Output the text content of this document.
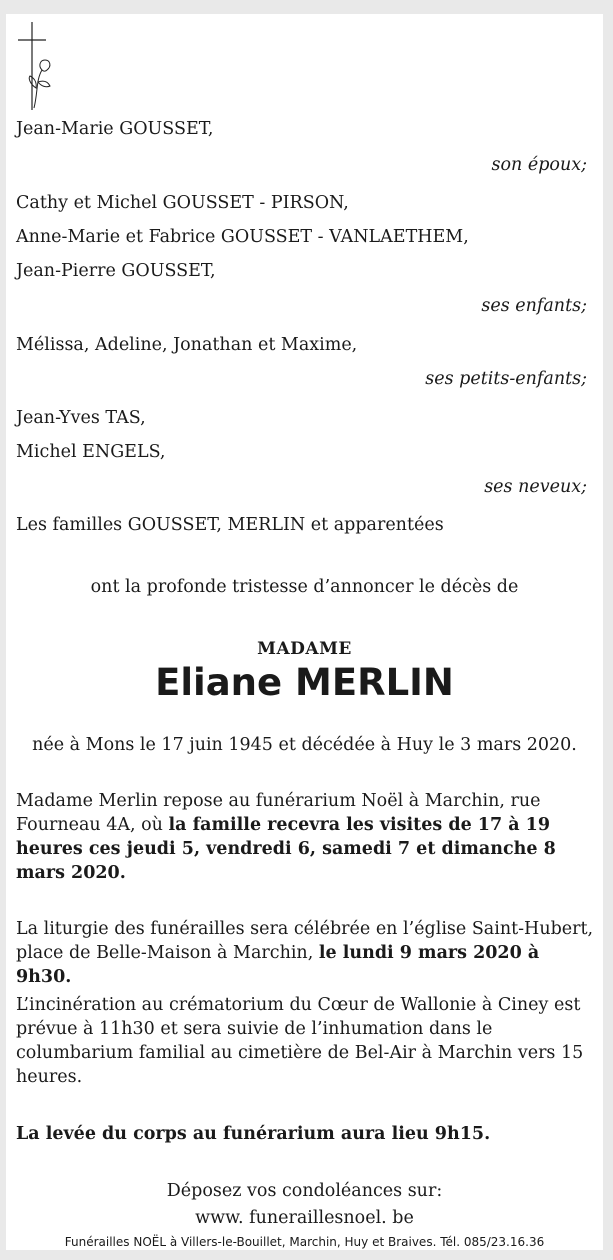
Jean-Marie GOUSSET,
son époux;
Cathy et Michel GOUSSET - PIRSON,
Anne-Marie et Fabrice GOUSSET - VANLAETHEM,
Jean-Pierre GOUSSET,
ses enfants;
Mélissa, Adeline, Jonathan et Maxime,
ses petits-enfants;
Jean-Yves TAS,
Michel ENGELS,
ses neveux;
Les familles GOUSSET, MERLIN et apparentées
ont la profonde tristesse d’annoncer le décès de
MADAME
Eliane MERLIN
née à Mons le 17 juin 1945 et décédée à Huy le 3 mars 2020.
Madame Merlin repose au funérarium Noël à Marchin, rue Fourneau 4A, où la famille recevra les visites de 17 à 19 heures ces jeudi 5, vendredi 6, samedi 7 et dimanche 8 mars 2020.
La liturgie des funérailles sera célébrée en l’église Saint-Hubert, place de Belle-Maison à Marchin, le lundi 9 mars 2020 à 9h30.
L’incinération au crématorium du Cœur de Wallonie à Ciney est prévue à 11h30 et sera suivie de l’inhumation dans le columbarium familial au cimetière de Bel-Air à Marchin vers 15 heures.
La levée du corps au funérarium aura lieu 9h15.
Déposez vos condoléances sur:
www. funeraillesnoel. be
Funérailles NOËL à Villers-le-Bouillet, Marchin, Huy et Braives. Tél. 085/23.16.36
